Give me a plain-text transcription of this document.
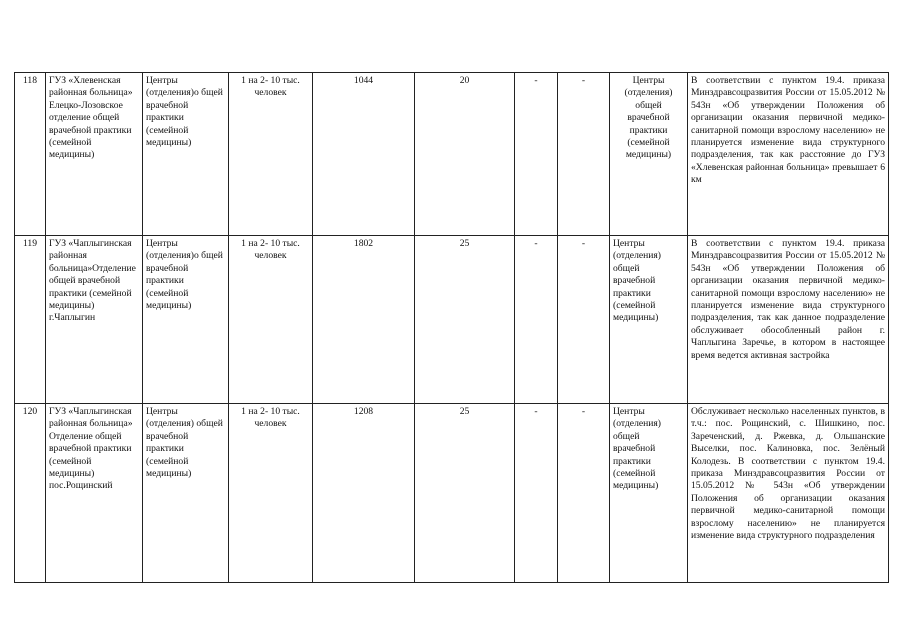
118	ГУЗ «Хлевенская районная больница» Елецко-Лозовское отделение общей врачебной практики (семейной медицины)	Центры (отделения)о бщей врачебной практики (семейной медицины)	1 на 2- 10 тыс. человек	1044	20	-	-	Центры (отделения) общей врачебной практики (семейной медицины)	В соответствии с пунктом 19.4. приказа Минздравсоцразвития России от 15.05.2012 № 543н «Об утверждении Положения об организации оказания первичной медико-санитарной помощи взрослому населению» не планируется изменение вида структурного подразделения, так как расстояние до ГУЗ «Хлевенская районная больница» превышает 6 км
119	ГУЗ «Чаплыгинская районная больница»Отделение общей врачебной практики (семейной медицины) г.Чаплыгин	Центры (отделения)о бщей врачебной практики (семейной медицины)	1 на 2- 10 тыс. человек	1802	25	-	-	Центры (отделения) общей врачебной практики (семейной медицины)	В соответствии с пунктом 19.4. приказа Минздравсоцразвития России от 15.05.2012 № 543н «Об утверждении Положения об организации оказания первичной медико-санитарной помощи взрослому населению» не планируется изменение вида структурного подразделения, так как данное подразделение обслуживает обособленный район г. Чаплыгина Заречье, в котором в настоящее время ведется активная застройка
120	ГУЗ «Чаплыгинская районная больница» Отделение общей врачебной практики (семейной медицины) пос.Рощинский	Центры (отделения) общей врачебной практики (семейной медицины)	1 на 2- 10 тыс. человек	1208	25	-	-	Центры (отделения) общей врачебной практики (семейной медицины)	Обслуживает несколько населенных пунктов, в т.ч.: пос. Рощинский, с. Шишкино, пос. Зареченский, д. Ржевка, д. Ольшанские Выселки, пос. Калиновка, пос. Зелёный Колодезь. В соответствии с пунктом 19.4. приказа Минздравсоцразвития России от 15.05.2012 № 543н «Об утверждении Положения об организации оказания первичной медико-санитарной помощи взрослому населению» не планируется изменение вида структурного подразделения
